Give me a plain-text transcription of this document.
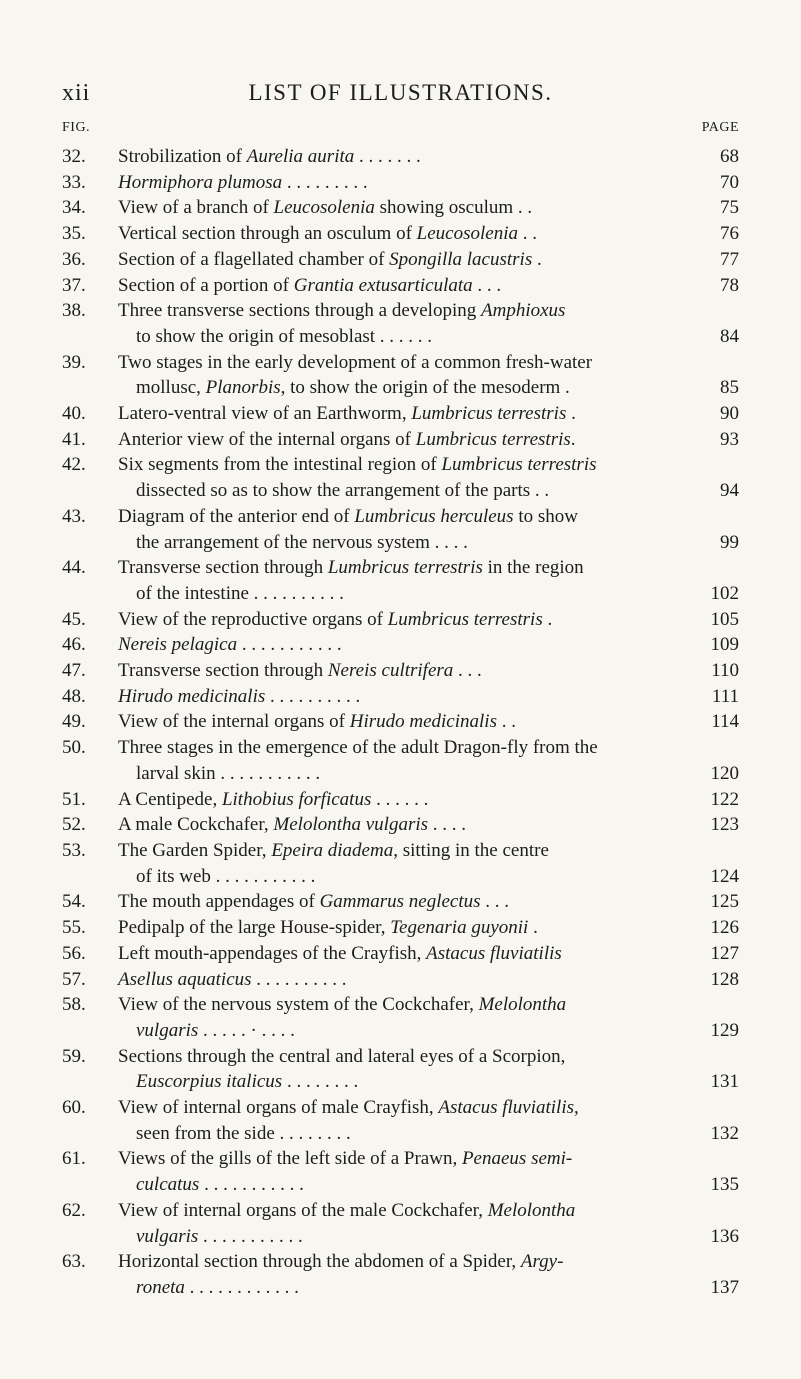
xii	LIST OF ILLUSTRATIONS.
FIG.	PAGE
32. Strobilization of Aurelia aurita . . . . . . .	68
33. Hormiphora plumosa . . . . . . . . .	70
34. View of a branch of Leucosolenia showing osculum . .	75
35. Vertical section through an osculum of Leucosolenia . .	76
36. Section of a flagellated chamber of Spongilla lacustris .	77
37. Section of a portion of Grantia extusarticulata . . .	78
38. Three transverse sections through a developing Amphioxus
to show the origin of mesoblast . . . . . .	84
39. Two stages in the early development of a common fresh-water
mollusc, Planorbis, to show the origin of the mesoderm .	85
40. Latero-ventral view of an Earthworm, Lumbricus terrestris .	90
41. Anterior view of the internal organs of Lumbricus terrestris.	93
42. Six segments from the intestinal region of Lumbricus terrestris
dissected so as to show the arrangement of the parts . .	94
43. Diagram of the anterior end of Lumbricus herculeus to show
the arrangement of the nervous system . . . .	99
44. Transverse section through Lumbricus terrestris in the region
of the intestine . . . . . . . . . .	102
45. View of the reproductive organs of Lumbricus terrestris .	105
46. Nereis pelagica . . . . . . . . . . .	109
47. Transverse section through Nereis cultrifera . . .	110
48. Hirudo medicinalis . . . . . . . . . .	111
49. View of the internal organs of Hirudo medicinalis . .	114
50. Three stages in the emergence of the adult Dragon-fly from the
larval skin . . . . . . . . . . .	120
51. A Centipede, Lithobius forficatus . . . . . .	122
52. A male Cockchafer, Melolontha vulgaris . . . .	123
53. The Garden Spider, Epeira diadema, sitting in the centre
of its web . . . . . . . . . . .	124
54. The mouth appendages of Gammarus neglectus . . .	125
55. Pedipalp of the large House-spider, Tegenaria guyonii .	126
56. Left mouth-appendages of the Crayfish, Astacus fluviatilis	127
57. Asellus aquaticus . . . . . . . . . .	128
58. View of the nervous system of the Cockchafer, Melolontha
vulgaris . . . . . · . . . .	129
59. Sections through the central and lateral eyes of a Scorpion,
Euscorpius italicus . . . . . . . .	131
60. View of internal organs of male Crayfish, Astacus fluviatilis,
seen from the side . . . . . . . .	132
61. Views of the gills of the left side of a Prawn, Penaeus semi-
culcatus . . . . . . . . . . .	135
62. View of internal organs of the male Cockchafer, Melolontha
vulgaris . . . . . . . . . . .	136
63. Horizontal section through the abdomen of a Spider, Argy-
roneta . . . . . . . . . . . .	137
